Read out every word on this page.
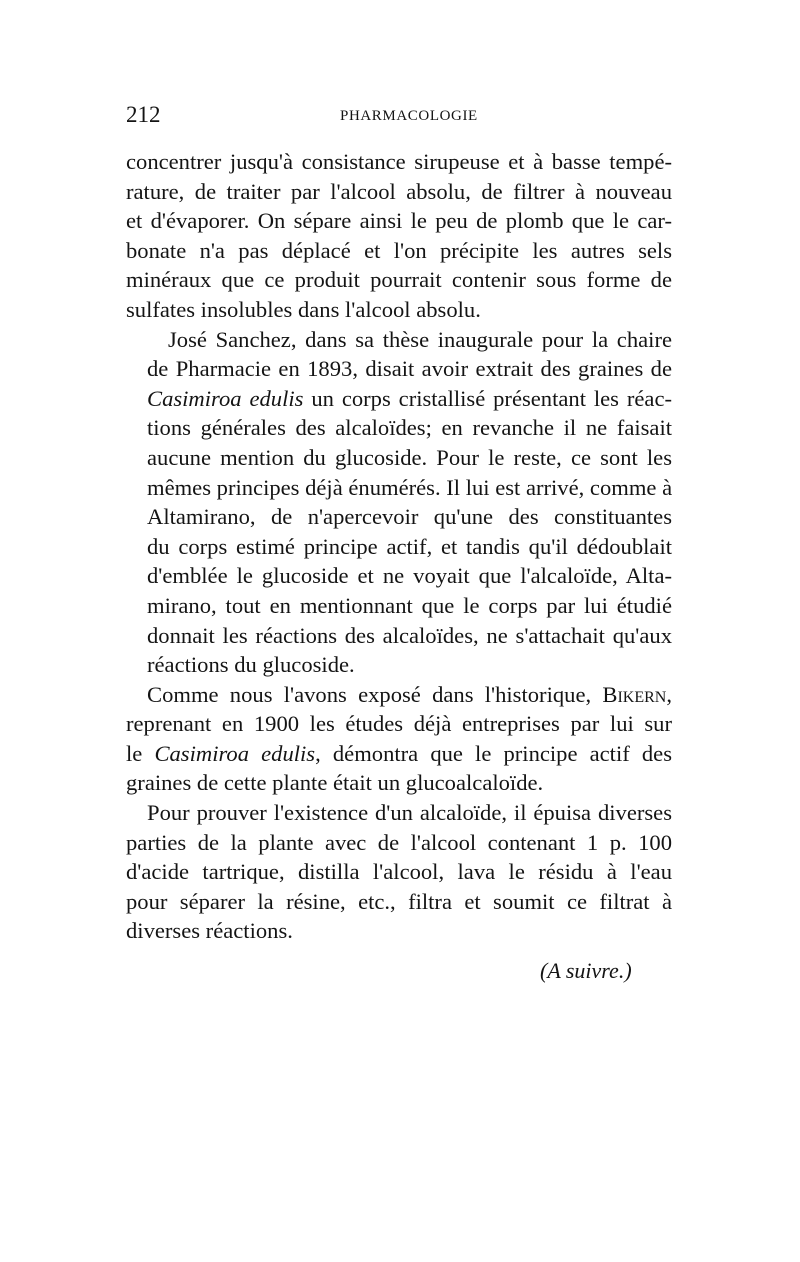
212	PHARMACOLOGIE

concentrer jusqu'à consistance sirupeuse et à basse tempé-
rature, de traiter par l'alcool absolu, de filtrer à nouveau
et d'évaporer. On sépare ainsi le peu de plomb que le car-
bonate n'a pas déplacé et l'on précipite les autres sels
minéraux que ce produit pourrait contenir sous forme de
sulfates insolubles dans l'alcool absolu.

José Sanchez, dans sa thèse inaugurale pour la chaire
de Pharmacie en 1893, disait avoir extrait des graines de
Casimiroa edulis un corps cristallisé présentant les réac-
tions générales des alcaloïdes; en revanche il ne faisait
aucune mention du glucoside. Pour le reste, ce sont les
mêmes principes déjà énumérés. Il lui est arrivé, comme à
Altamirano, de n'apercevoir qu'une des constituantes
du corps estimé principe actif, et tandis qu'il dédoublait
d'emblée le glucoside et ne voyait que l'alcaloïde, Alta-
mirano, tout en mentionnant que le corps par lui étudié
donnait les réactions des alcaloïdes, ne s'attachait qu'aux
réactions du glucoside.

Comme nous l'avons exposé dans l'historique, Bikern,
reprenant en 1900 les études déjà entreprises par lui sur
le Casimiroa edulis, démontra que le principe actif des
graines de cette plante était un glucoalcaloïde.

Pour prouver l'existence d'un alcaloïde, il épuisa diverses
parties de la plante avec de l'alcool contenant 1 p. 100
d'acide tartrique, distilla l'alcool, lava le résidu à l'eau
pour séparer la résine, etc., filtra et soumit ce filtrat à
diverses réactions.

(A suivre.)
